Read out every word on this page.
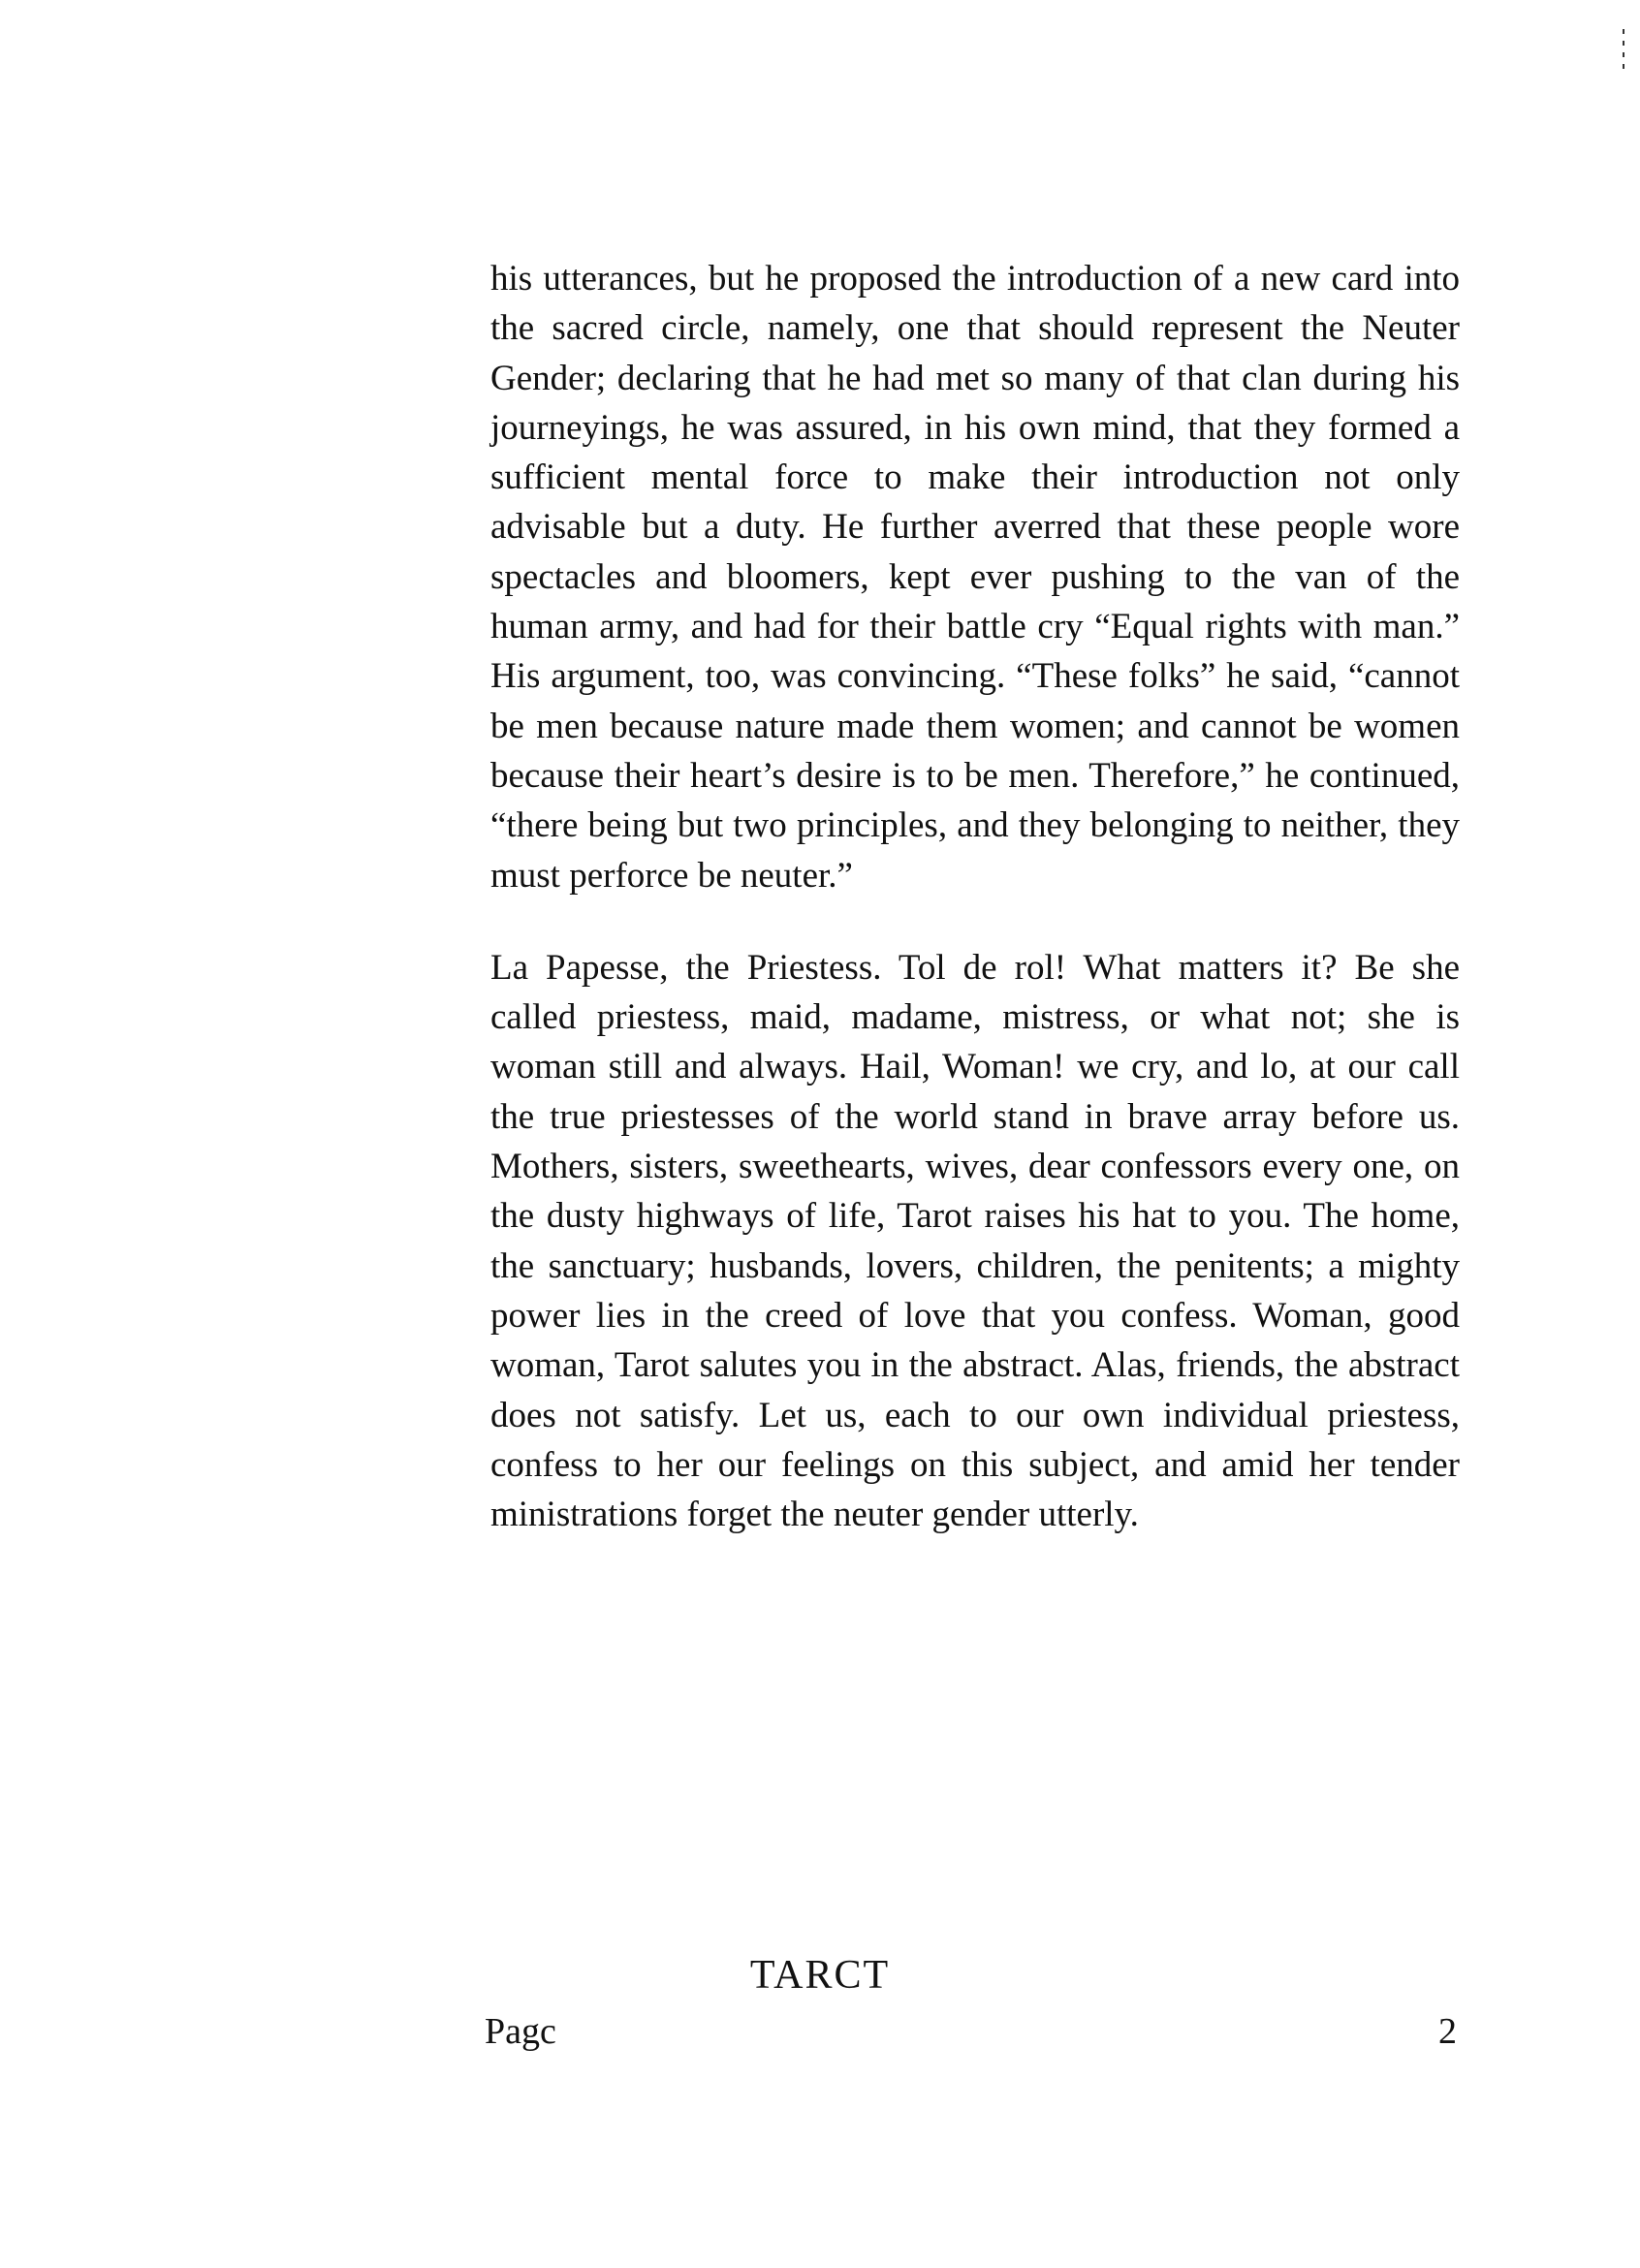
his utterances, but he proposed the introduction of a new card into the sacred circle, namely, one that should represent the Neuter Gender; declaring that he had met so many of that clan during his journeyings, he was assured, in his own mind, that they formed a sufficient mental force to make their introduction not only advisable but a duty. He further averred that these people wore spectacles and bloomers, kept ever pushing to the van of the human army, and had for their battle cry “Equal rights with man.” His argument, too, was convincing. “These folks” he said, “cannot be men because nature made them women; and cannot be women because their heart’s desire is to be men. Therefore,” he continued, “there being but two principles, and they belonging to neither, they must perforce be neuter.”

La Papesse, the Priestess. Tol de rol! What matters it? Be she called priestess, maid, madame, mistress, or what not; she is woman still and always. Hail, Woman! we cry, and lo, at our call the true priestesses of the world stand in brave array before us. Mothers, sisters, sweethearts, wives, dear confessors every one, on the dusty highways of life, Tarot raises his hat to you. The home, the sanctuary; husbands, lovers, children, the penitents; a mighty power lies in the creed of love that you confess. Woman, good woman, Tarot salutes you in the abstract. Alas, friends, the abstract does not satisfy. Let us, each to our own individual priestess, confess to her our feelings on this subject, and amid her tender ministrations forget the neuter gender utterly.

TARCT
Pagc	2
